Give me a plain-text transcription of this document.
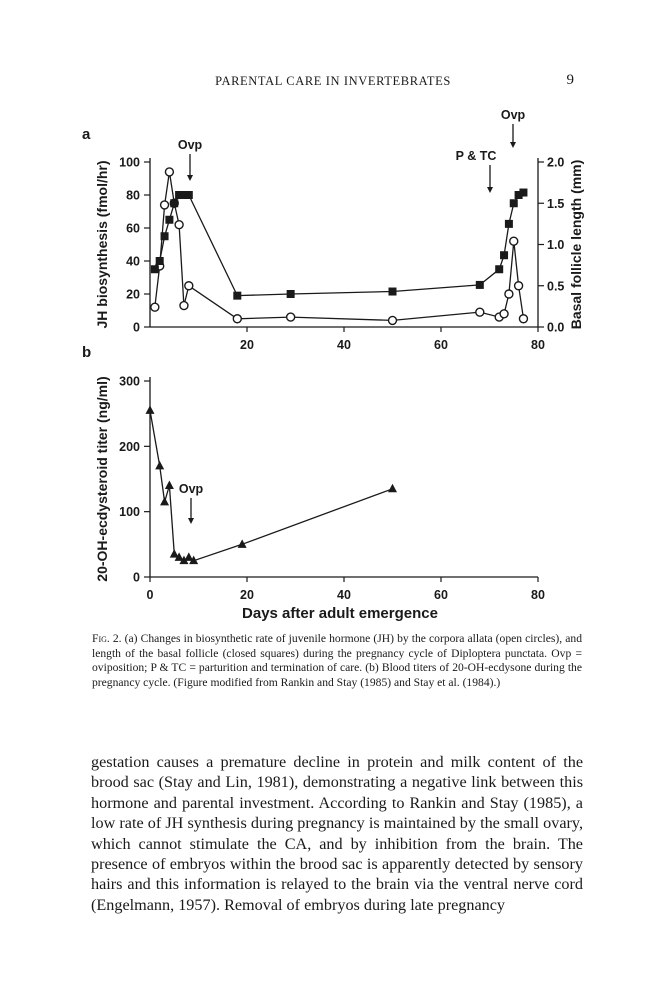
PARENTAL CARE IN INVERTEBRATES	9
a
0
20
40
60
80
100
0.0
0.5
1.0
1.5
2.0
20	40	60	80
JH biosynthesis (fmol/hr)	Basal follicle length (mm)
Ovp
P & TC
Ovp
b
0
100
200
300
0	20	40	60	80
20-OH-ecdysteroid titer (ng/ml)
Days after adult emergence
Ovp
Fig. 2. (a) Changes in biosynthetic rate of juvenile hormone (JH) by the corpora allata (open circles), and length of the basal follicle (closed squares) during the pregnancy cycle of Diploptera punctata. Ovp = oviposition; P & TC = parturition and termination of care. (b) Blood titers of 20-OH-ecdysone during the pregnancy cycle. (Figure modified from Rankin and Stay (1985) and Stay et al. (1984).)
gestation causes a premature decline in protein and milk content of the brood sac (Stay and Lin, 1981), demonstrating a negative link between this hormone and parental investment. According to Rankin and Stay (1985), a low rate of JH synthesis during pregnancy is maintained by the small ovary, which cannot stimulate the CA, and by inhibition from the brain. The presence of embryos within the brood sac is apparently detected by sensory hairs and this information is relayed to the brain via the ventral nerve cord (Engelmann, 1957). Removal of embryos during late pregnancy
